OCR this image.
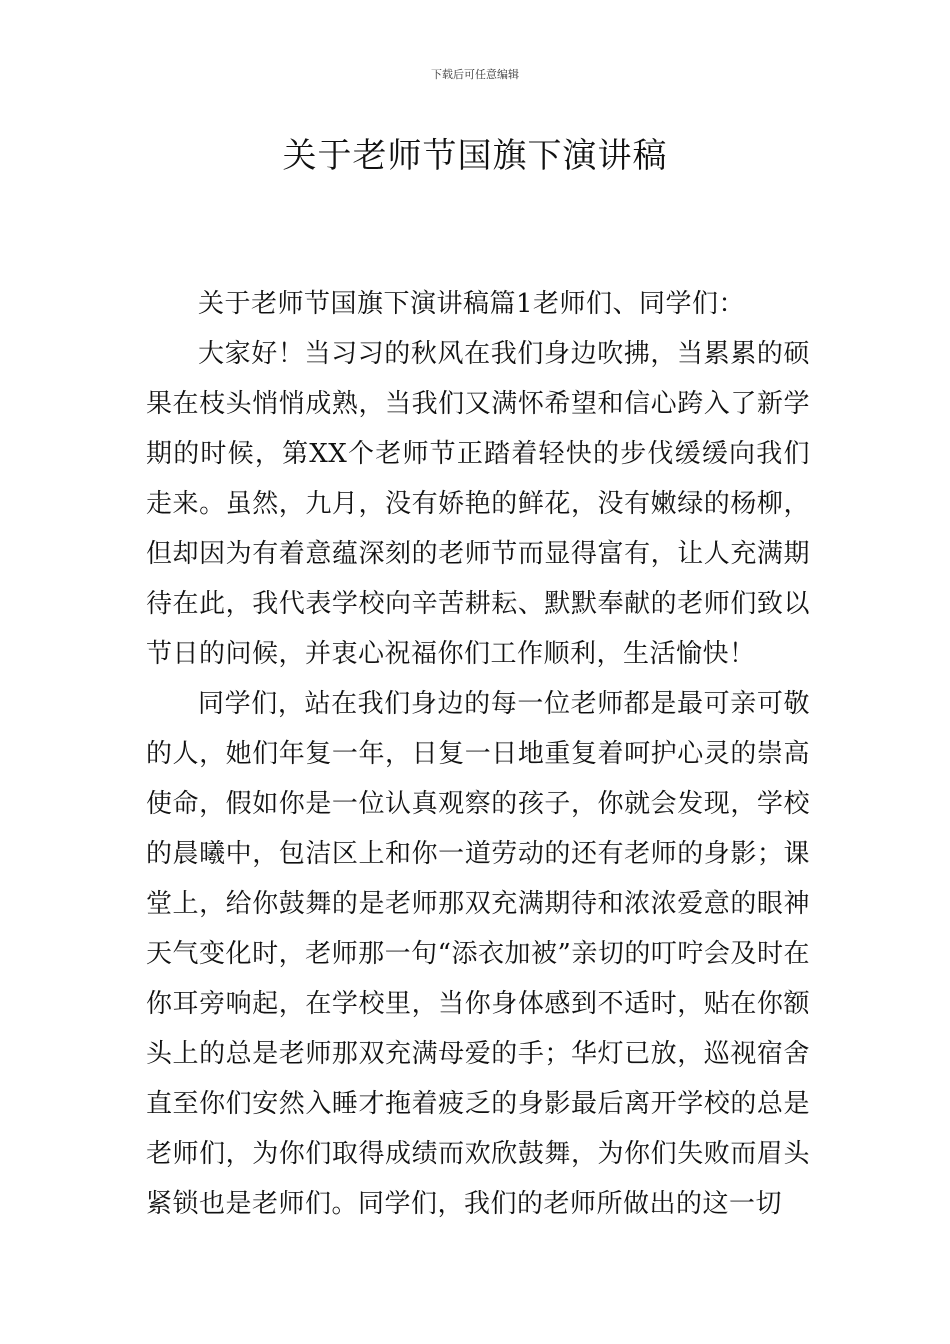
下载后可任意编辑
关于老师节国旗下演讲稿

关于老师节国旗下演讲稿篇1老师们、同学们：

大家好！当习习的秋风在我们身边吹拂，当累累的硕果在枝头悄悄成熟，当我们又满怀希望和信心跨入了新学期的时候，第XX个老师节正踏着轻快的步伐缓缓向我们走来。虽然，九月，没有娇艳的鲜花，没有嫩绿的杨柳，但却因为有着意蕴深刻的老师节而显得富有，让人充满期待在此，我代表学校向辛苦耕耘、默默奉献的老师们致以节日的问候，并衷心祝福你们工作顺利，生活愉快！

同学们，站在我们身边的每一位老师都是最可亲可敬的人，她们年复一年，日复一日地重复着呵护心灵的崇高使命，假如你是一位认真观察的孩子，你就会发现，学校的晨曦中，包洁区上和你一道劳动的还有老师的身影；课堂上，给你鼓舞的是老师那双充满期待和浓浓爱意的眼神天气变化时，老师那一句“添衣加被”亲切的叮咛会及时在你耳旁响起，在学校里，当你身体感到不适时，贴在你额头上的总是老师那双充满母爱的手；华灯已放，巡视宿舍直至你们安然入睡才拖着疲乏的身影最后离开学校的总是老师们，为你们取得成绩而欢欣鼓舞，为你们失败而眉头紧锁也是老师们。同学们，我们的老师所做出的这一切
